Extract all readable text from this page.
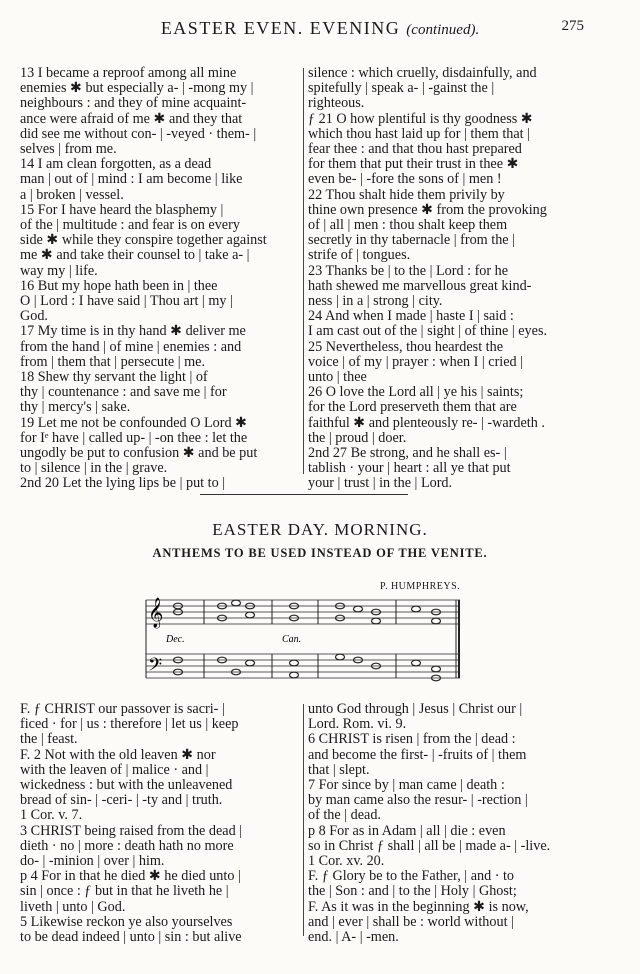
EASTER EVEN. EVENING (continued).	275

13 I became a reproof among all mine

enemies ✱ but especially a- | -mong my |

neighbours : and they of mine acquaint-

ance were afraid of me ✱ and they that

did see me without con- | -veyed · them- |

selves | from me.

14 I am clean forgotten, as a dead

man | out of | mind : I am become | like

a | broken | vessel.

15 For I have heard the blasphemy |

of the | multitude : and fear is on every

side ✱ while they conspire together against

me ✱ and take their counsel to | take a- |

way my | life.

16 But my hope hath been in | thee

O | Lord : I have said | Thou art | my |

God.

17 My time is in thy hand ✱ deliver me

from the hand | of mine | enemies : and

from | them that | persecute | me.

18 Shew thy servant the light | of

thy | countenance : and save me | for

thy | mercy's | sake.

19 Let me not be confounded O Lord ✱

for Iᵉ have | called up- | -on thee : let the

ungodly be put to confusion ✱ and be put

to | silence | in the | grave.

2nd 20 Let the lying lips be | put to |

silence : which cruelly, disdainfully, and

spitefully | speak a- | -gainst the |

righteous.

ƒ 21 O how plentiful is thy goodness ✱

which thou hast laid up for | them that |

fear thee : and that thou hast prepared

for them that put their trust in thee ✱

even be- | -fore the sons of | men !

22 Thou shalt hide them privily by

thine own presence ✱ from the provoking

of | all | men : thou shalt keep them

secretly in thy tabernacle | from the |

strife of | tongues.

23 Thanks be | to the | Lord : for he

hath shewed me marvellous great kind-

ness | in a | strong | city.

24 And when I made | haste I | said :

I am cast out of the | sight | of thine | eyes.

25 Nevertheless, thou heardest the

voice | of my | prayer : when I | cried |

unto | thee

26 O love the Lord all | ye his | saints;

for the Lord preserveth them that are

faithful ✱ and plenteously re- | -wardeth .

the | proud | doer.

2nd 27 Be strong, and he shall es- |

tablish · your | heart : all ye that put

your | trust | in the | Lord.

EASTER DAY. MORNING.
ANTHEMS TO BE USED INSTEAD OF THE VENITE.
P. HUMPHREYS.
𝄞
𝄢
Dec.	Can.

F. ƒ CHRIST our passover is sacri- |

ficed · for | us : therefore | let us | keep

the | feast.

F. 2 Not with the old leaven ✱ nor

with the leaven of | malice · and |

wickedness : but with the unleavened

bread of sin- | -ceri- | -ty and | truth.

1 Cor. v. 7.

3 CHRIST being raised from the dead |

dieth · no | more : death hath no more

do- | -minion | over | him.

p 4 For in that he died ✱ he died unto |

sin | once : ƒ but in that he liveth he |

liveth | unto | God.

5 Likewise reckon ye also yourselves

to be dead indeed | unto | sin : but alive

unto God through | Jesus | Christ our |

Lord. Rom. vi. 9.

6 CHRIST is risen | from the | dead :

and become the first- | -fruits of | them

that | slept.

7 For since by | man came | death :

by man came also the resur- | -rection |

of the | dead.

p 8 For as in Adam | all | die : even

so in Christ ƒ shall | all be | made a- | -live.

1 Cor. xv. 20.

F. ƒ Glory be to the Father, | and · to

the | Son : and | to the | Holy | Ghost;

F. As it was in the beginning ✱ is now,

and | ever | shall be : world without |

end. | A- | -men.
